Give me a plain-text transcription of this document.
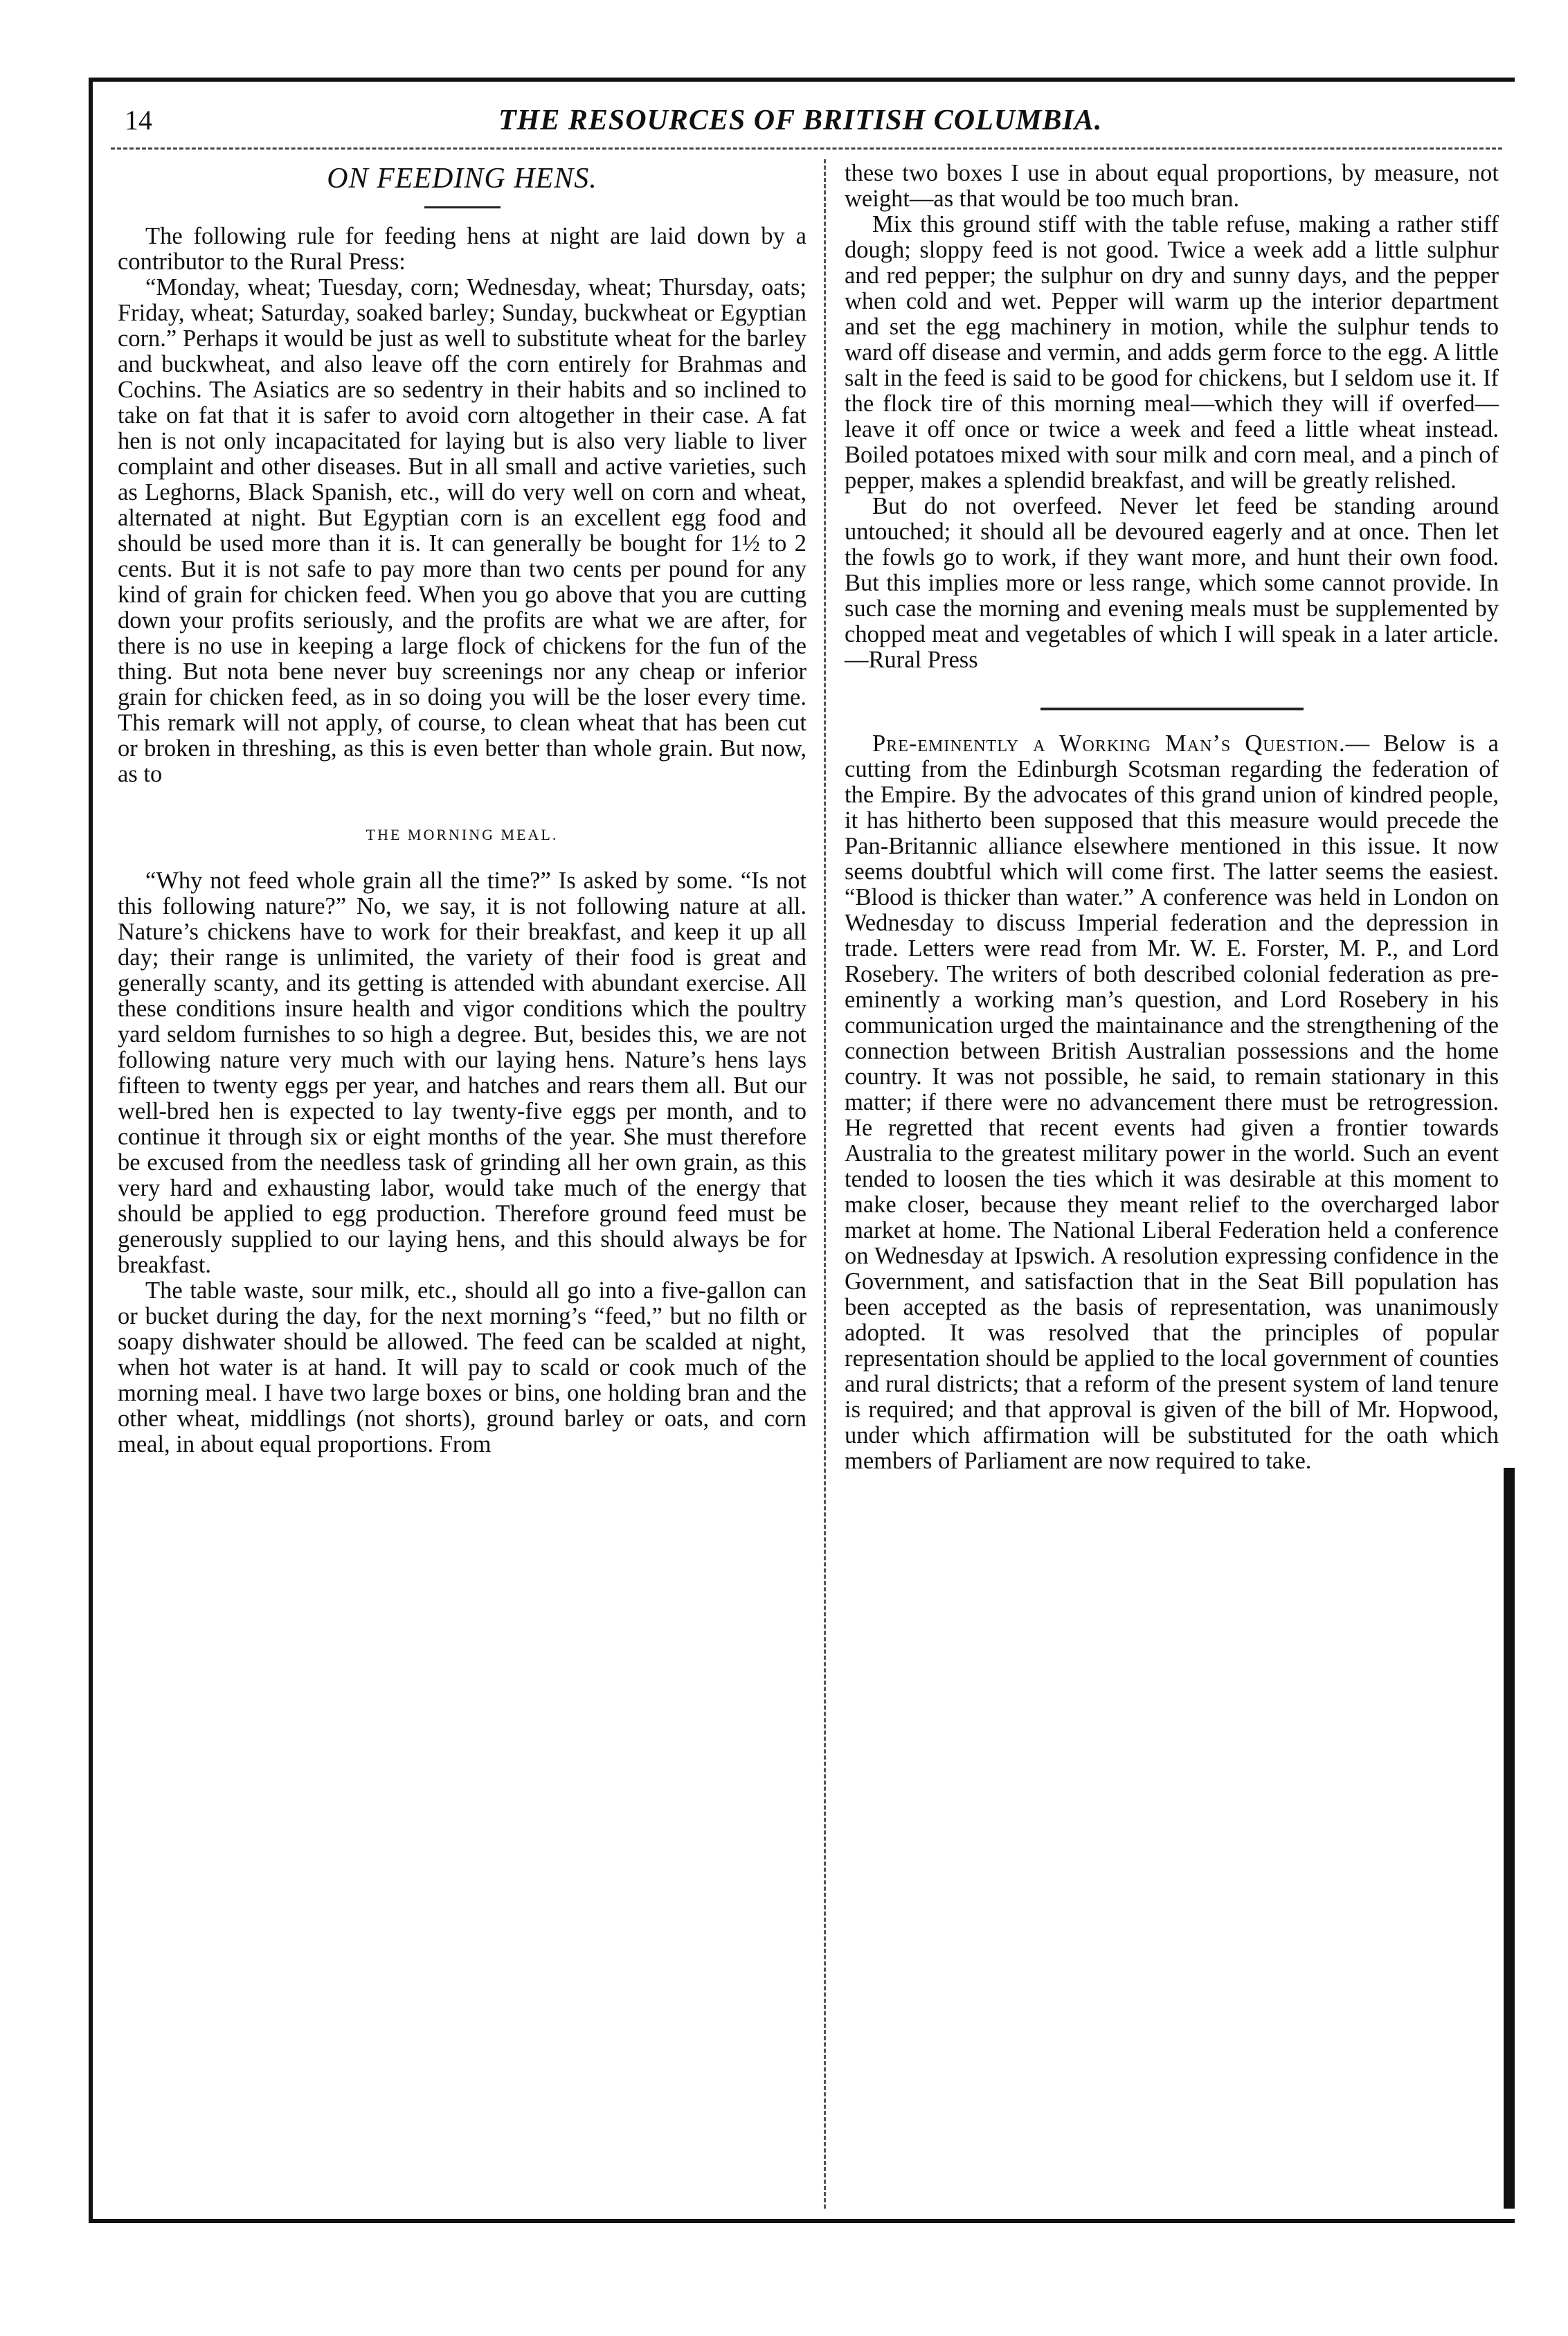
14	THE RESOURCES OF BRITISH COLUMBIA.
ON FEEDING HENS.

The following rule for feeding hens at night are laid down by a contributor to the Rural Press:

“Monday, wheat; Tuesday, corn; Wednesday, wheat; Thursday, oats; Friday, wheat; Saturday, soaked barley; Sunday, buckwheat or Egyptian corn.” Perhaps it would be just as well to substitute wheat for the barley and buckwheat, and also leave off the corn entirely for Brahmas and Cochins. The Asiatics are so sedentry in their habits and so inclined to take on fat that it is safer to avoid corn altogether in their case. A fat hen is not only incapacitated for laying but is also very liable to liver complaint and other diseases. But in all small and active varieties, such as Leghorns, Black Spanish, etc., will do very well on corn and wheat, alternated at night. But Egyptian corn is an excellent egg food and should be used more than it is. It can generally be bought for 1½ to 2 cents. But it is not safe to pay more than two cents per pound for any kind of grain for chicken feed. When you go above that you are cutting down your profits seriously, and the profits are what we are after, for there is no use in keeping a large flock of chickens for the fun of the thing. But nota bene never buy screenings nor any cheap or inferior grain for chicken feed, as in so doing you will be the loser every time. This remark will not apply, of course, to clean wheat that has been cut or broken in threshing, as this is even better than whole grain. But now, as to

THE MORNING MEAL.

“Why not feed whole grain all the time?” Is asked by some. “Is not this following nature?” No, we say, it is not following nature at all. Nature’s chickens have to work for their breakfast, and keep it up all day; their range is unlimited, the variety of their food is great and generally scanty, and its getting is attended with abundant exercise. All these conditions insure health and vigor conditions which the poultry yard seldom furnishes to so high a degree. But, besides this, we are not following nature very much with our laying hens. Nature’s hens lays fifteen to twenty eggs per year, and hatches and rears them all. But our well-bred hen is expected to lay twenty-five eggs per month, and to continue it through six or eight months of the year. She must therefore be excused from the needless task of grinding all her own grain, as this very hard and exhausting labor, would take much of the energy that should be applied to egg production. Therefore ground feed must be generously supplied to our laying hens, and this should always be for breakfast.

The table waste, sour milk, etc., should all go into a five-gallon can or bucket during the day, for the next morning’s “feed,” but no filth or soapy dishwater should be allowed. The feed can be scalded at night, when hot water is at hand. It will pay to scald or cook much of the morning meal. I have two large boxes or bins, one holding bran and the other wheat, middlings (not shorts), ground barley or oats, and corn meal, in about equal proportions. From

these two boxes I use in about equal proportions, by measure, not weight—as that would be too much bran.

Mix this ground stiff with the table refuse, making a rather stiff dough; sloppy feed is not good. Twice a week add a little sulphur and red pepper; the sulphur on dry and sunny days, and the pepper when cold and wet. Pepper will warm up the interior department and set the egg machinery in motion, while the sulphur tends to ward off disease and vermin, and adds germ force to the egg. A little salt in the feed is said to be good for chickens, but I seldom use it. If the flock tire of this morning meal—which they will if overfed—leave it off once or twice a week and feed a little wheat instead. Boiled potatoes mixed with sour milk and corn meal, and a pinch of pepper, makes a splendid breakfast, and will be greatly relished.

But do not overfeed. Never let feed be standing around untouched; it should all be devoured eagerly and at once. Then let the fowls go to work, if they want more, and hunt their own food. But this implies more or less range, which some cannot provide. In such case the morning and evening meals must be supplemented by chopped meat and vegetables of which I will speak in a later article.—Rural Press

Pre-eminently a Working Man’s Question.— Below is a cutting from the Edinburgh Scotsman regarding the federation of the Empire. By the advocates of this grand union of kindred people, it has hitherto been supposed that this measure would precede the Pan-Britannic alliance elsewhere mentioned in this issue. It now seems doubtful which will come first. The latter seems the easiest. “Blood is thicker than water.” A conference was held in London on Wednesday to discuss Imperial federation and the depression in trade. Letters were read from Mr. W. E. Forster, M. P., and Lord Rosebery. The writers of both described colonial federation as pre-eminently a working man’s question, and Lord Rosebery in his communication urged the maintainance and the strengthening of the connection between British Australian possessions and the home country. It was not possible, he said, to remain stationary in this matter; if there were no advancement there must be retrogression. He regretted that recent events had given a frontier towards Australia to the greatest military power in the world. Such an event tended to loosen the ties which it was desirable at this moment to make closer, because they meant relief to the overcharged labor market at home. The National Liberal Federation held a conference on Wednesday at Ipswich. A resolution expressing confidence in the Government, and satisfaction that in the Seat Bill population has been accepted as the basis of representation, was unanimously adopted. It was resolved that the principles of popular representation should be applied to the local government of counties and rural districts; that a reform of the present system of land tenure is required; and that approval is given of the bill of Mr. Hopwood, under which affirmation will be substituted for the oath which members of Parliament are now required to take.
